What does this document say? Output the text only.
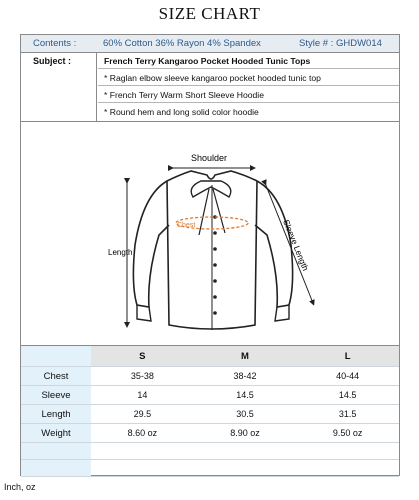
SIZE CHART
Contents :	60% Cotton 36% Rayon 4% Spandex	Style # : GHDW014
Subject :	French Terry Kangaroo Pocket Hooded Tunic Tops
* Raglan elbow sleeve kangaroo pocket hooded tunic top
* French Terry Warm Short Sleeve Hoodie
* Round hem and long solid color hoodie
Shoulder
Chest
Length	Sleeve Length
	S	M	L
Chest	35-38	38-42	40-44
Sleeve	14	14.5	14.5
Length	29.5	30.5	31.5
Weight	8.60 oz	8.90 oz	9.50 oz

Inch, oz
